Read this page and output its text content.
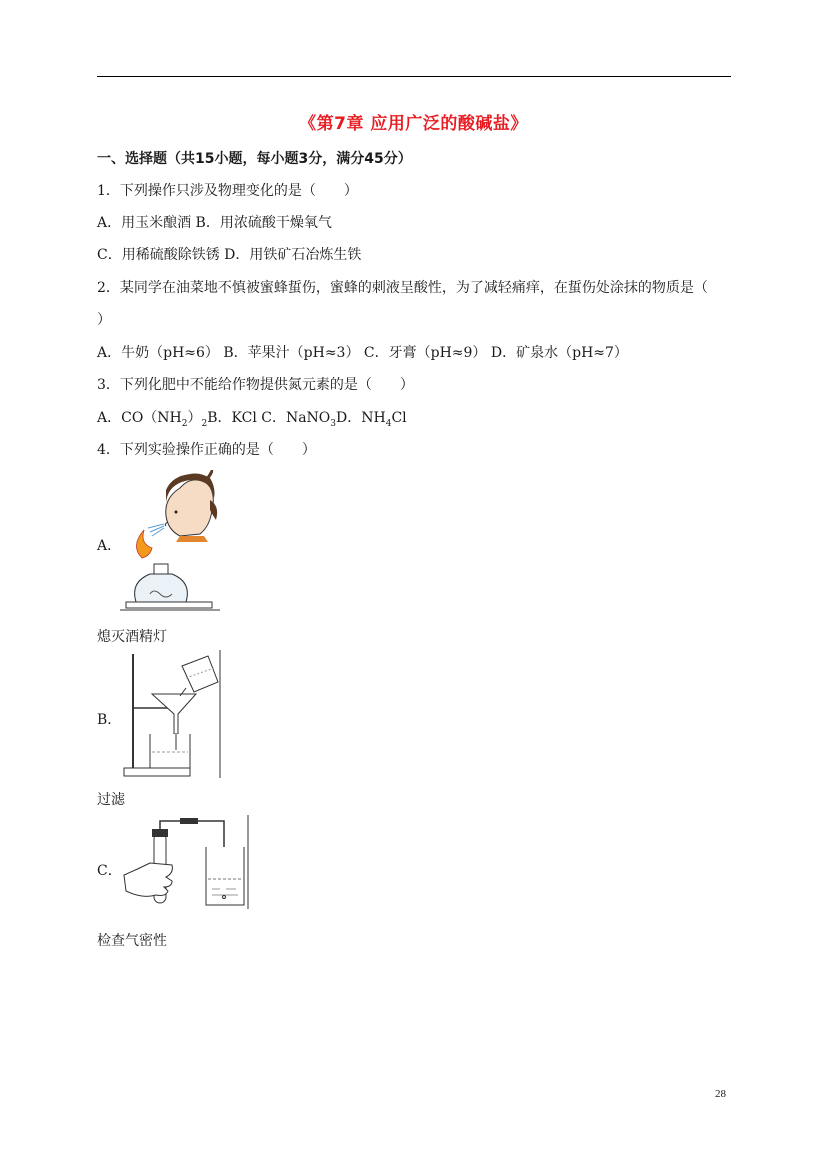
《第7章 应用广泛的酸碱盐》
一、选择题（共15小题，每小题3分，满分45分）
1．下列操作只涉及物理变化的是（　　）
A．用玉米酿酒 B．用浓硫酸干燥氧气
C．用稀硫酸除铁锈 D．用铁矿石冶炼生铁
2．某同学在油菜地不慎被蜜蜂蜇伤，蜜蜂的刺液呈酸性，为了减轻痛痒，在蜇伤处涂抹的物质是（
）
A．牛奶（pH≈6） B．苹果汁（pH≈3） C．牙膏（pH≈9） D．矿泉水（pH≈7）
3．下列化肥中不能给作物提供氮元素的是（　　）
A．$CO(NH_2)_2B$．KCl C．NaNO$_3$D．$NH_4Cl$
4．下列实验操作正确的是（　　）
A．
熄灭酒精灯
B．
过滤
C．
检查气密性
28
